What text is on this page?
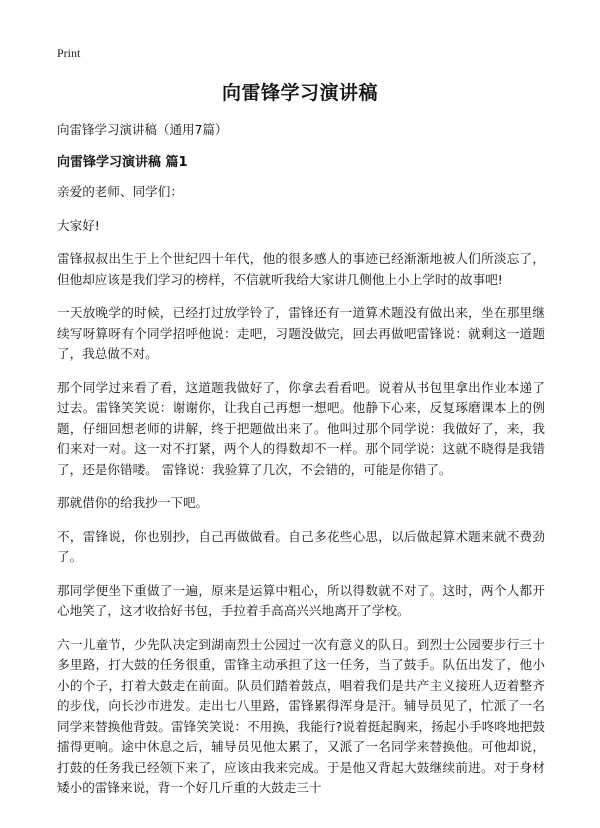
Print
向雷锋学习演讲稿
向雷锋学习演讲稿（通用7篇）
向雷锋学习演讲稿 篇1

亲爱的老师、同学们：

大家好!

雷锋叔叔出生于上个世纪四十年代，他的很多感人的事迹已经渐渐地被人们所淡忘了，但他却应该是我们学习的榜样，不信就听我给大家讲几侧他上小上学时的故事吧!

一天放晚学的时候，已经打过放学铃了，雷锋还有一道算术题没有做出来，坐在那里继续写呀算呀有个同学招呼他说：走吧，习题没做完，回去再做吧雷锋说：就剩这一道题了，我总做不对。

那个同学过来看了看，这道题我做好了，你拿去看看吧。说着从书包里拿出作业本递了过去。雷锋笑笑说：谢谢你，让我自己再想一想吧。他静下心来，反复琢磨课本上的例题，仔细回想老师的讲解，终于把题做出来了。他叫过那个同学说：我做好了，来，我们来对一对。这一对不打紧，两个人的得数却不一样。那个同学说：这就不晓得是我错了，还是你错喽。 雷锋说：我验算了几次，不会错的，可能是你错了。

那就借你的给我抄一下吧。

不，雷锋说，你也别抄，自己再做做看。自己多花些心思，以后做起算术题来就不费劲了。

那同学便坐下重做了一遍，原来是运算中粗心，所以得数就不对了。这时，两个人都开心地笑了，这才收拾好书包，手拉着手高高兴兴地离开了学校。

六一儿童节，少先队决定到湖南烈士公园过一次有意义的队日。到烈士公园要步行三十多里路，打大鼓的任务很重，雷锋主动承担了这一任务，当了鼓手。队伍出发了，他小小的个子，打着大鼓走在前面。队员们踏着鼓点，唱着我们是共产主义接班人迈着整齐的步伐，向长沙市进发。走出七八里路，雷锋累得浑身是汗。辅导员见了，忙派了一名同学来替换他背鼓。雷锋笑笑说：不用换，我能行?说着挺起胸来，扬起小手咚咚地把鼓擂得更响。途中休息之后，辅导员见他太累了，又派了一名同学来替换他。可他却说，打鼓的任务我已经领下来了，应该由我来完成。于是他又背起大鼓继续前进。对于身材矮小的雷锋来说，背一个好几斤重的大鼓走三十
